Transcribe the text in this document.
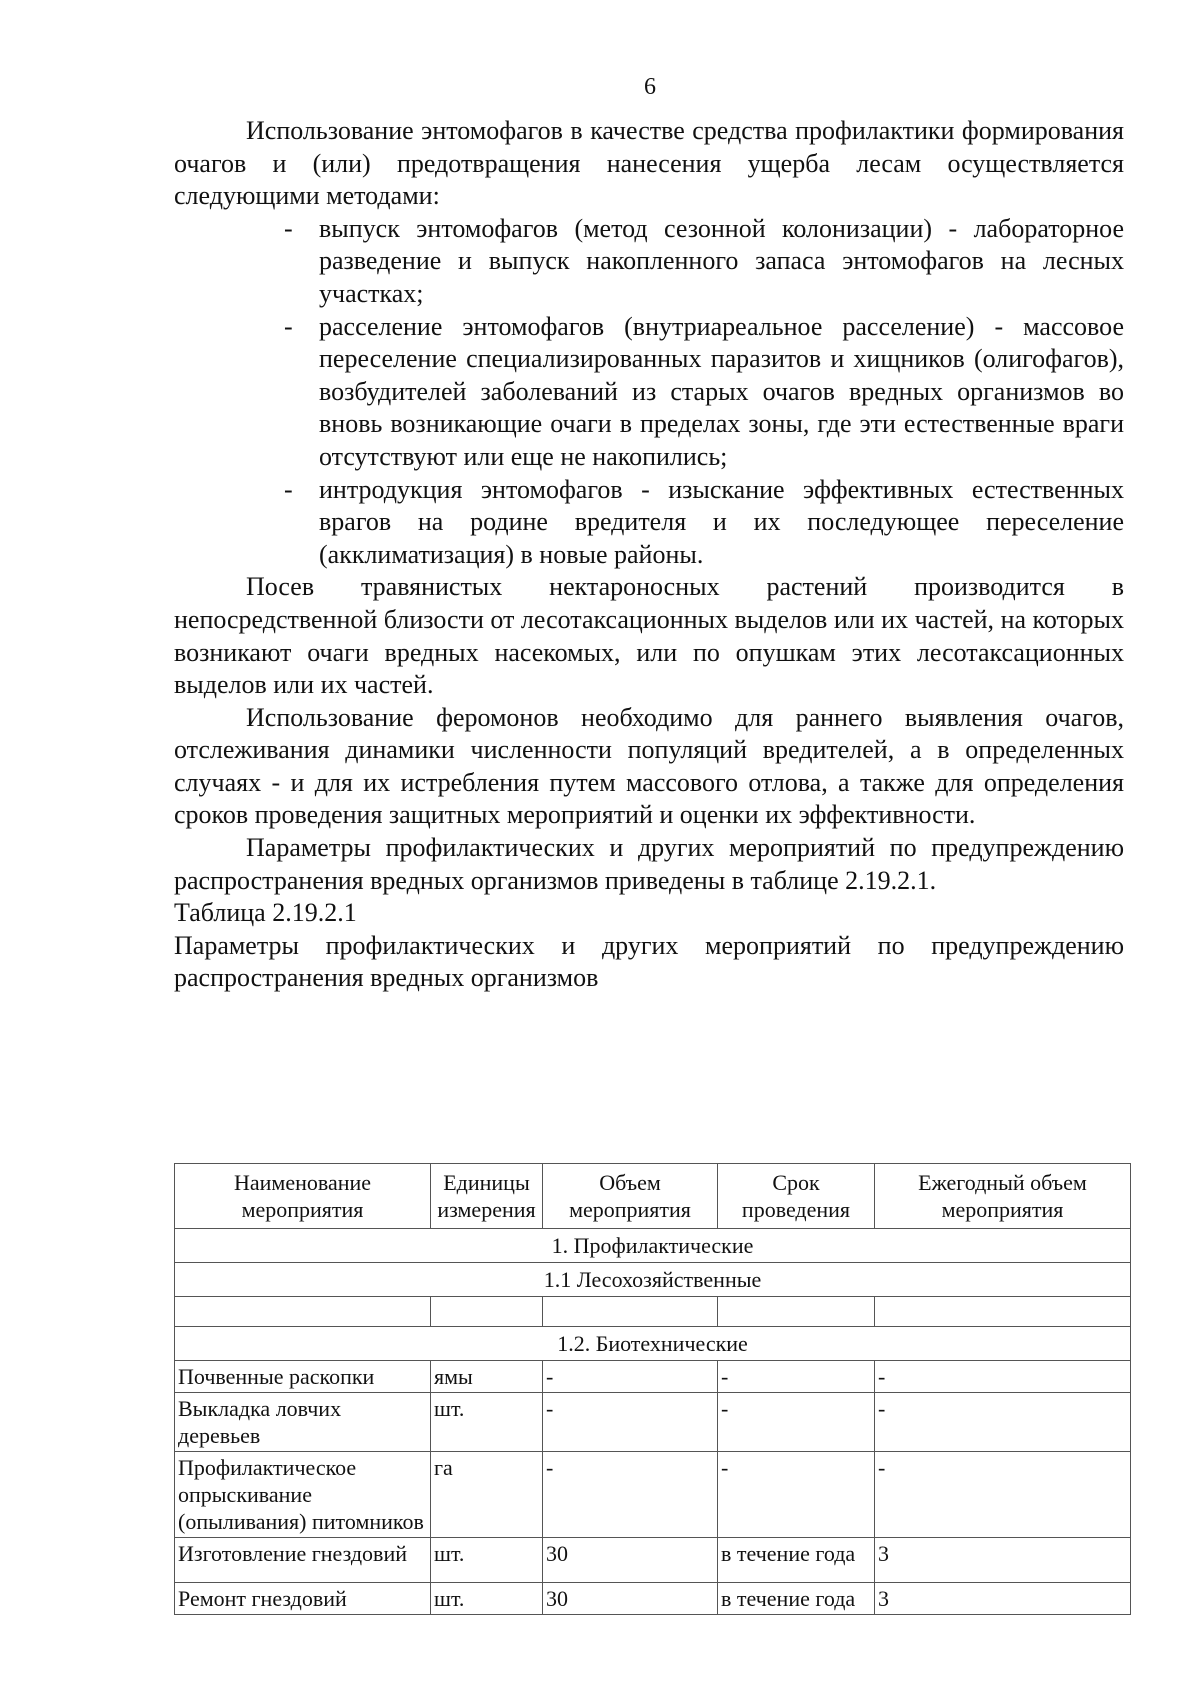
6

Использование энтомофагов в качестве средства профилактики формирования очагов и (или) предотвращения нанесения ущерба лесам осуществляется следующими методами:

- выпуск энтомофагов (метод сезонной колонизации) - лабораторное разведение и выпуск накопленного запаса энтомофагов на лесных участках;
- расселение энтомофагов (внутриареальное расселение) - массовое переселение специализированных паразитов и хищников (олигофагов), возбудителей заболеваний из старых очагов вредных организмов во вновь возникающие очаги в пределах зоны, где эти естественные враги отсутствуют или еще не накопились;
- интродукция энтомофагов - изыскание эффективных естественных врагов на родине вредителя и их последующее переселение (акклиматизация) в новые районы.

Посев травянистых нектароносных растений производится в непосредственной близости от лесотаксационных выделов или их частей, на которых возникают очаги вредных насекомых, или по опушкам этих лесотаксационных выделов или их частей.

Использование феромонов необходимо для раннего выявления очагов, отслеживания динамики численности популяций вредителей, а в определенных случаях - и для их истребления путем массового отлова, а также для определения сроков проведения защитных мероприятий и оценки их эффективности.

Параметры профилактических и других мероприятий по предупреждению распространения вредных организмов приведены в таблице 2.19.2.1.

Таблица 2.19.2.1

Параметры профилактических и других мероприятий по предупреждению распространения вредных организмов

Наименование мероприятия	Единицы измерения	Объем мероприятия	Срок проведения	Ежегодный объем мероприятия
1. Профилактические				
1.1 Лесохозяйственные				

1.2. Биотехнические				
Почвенные раскопки	ямы	-	-	-
Выкладка ловчих деревьев	шт.	-	-	-
Профилактическое опрыскивание (опыливания) питомников	га	-	-	-
Изготовление гнездовий	шт.	30	в течение года	3
Ремонт гнездовий	шт.	30	в течение года	3
